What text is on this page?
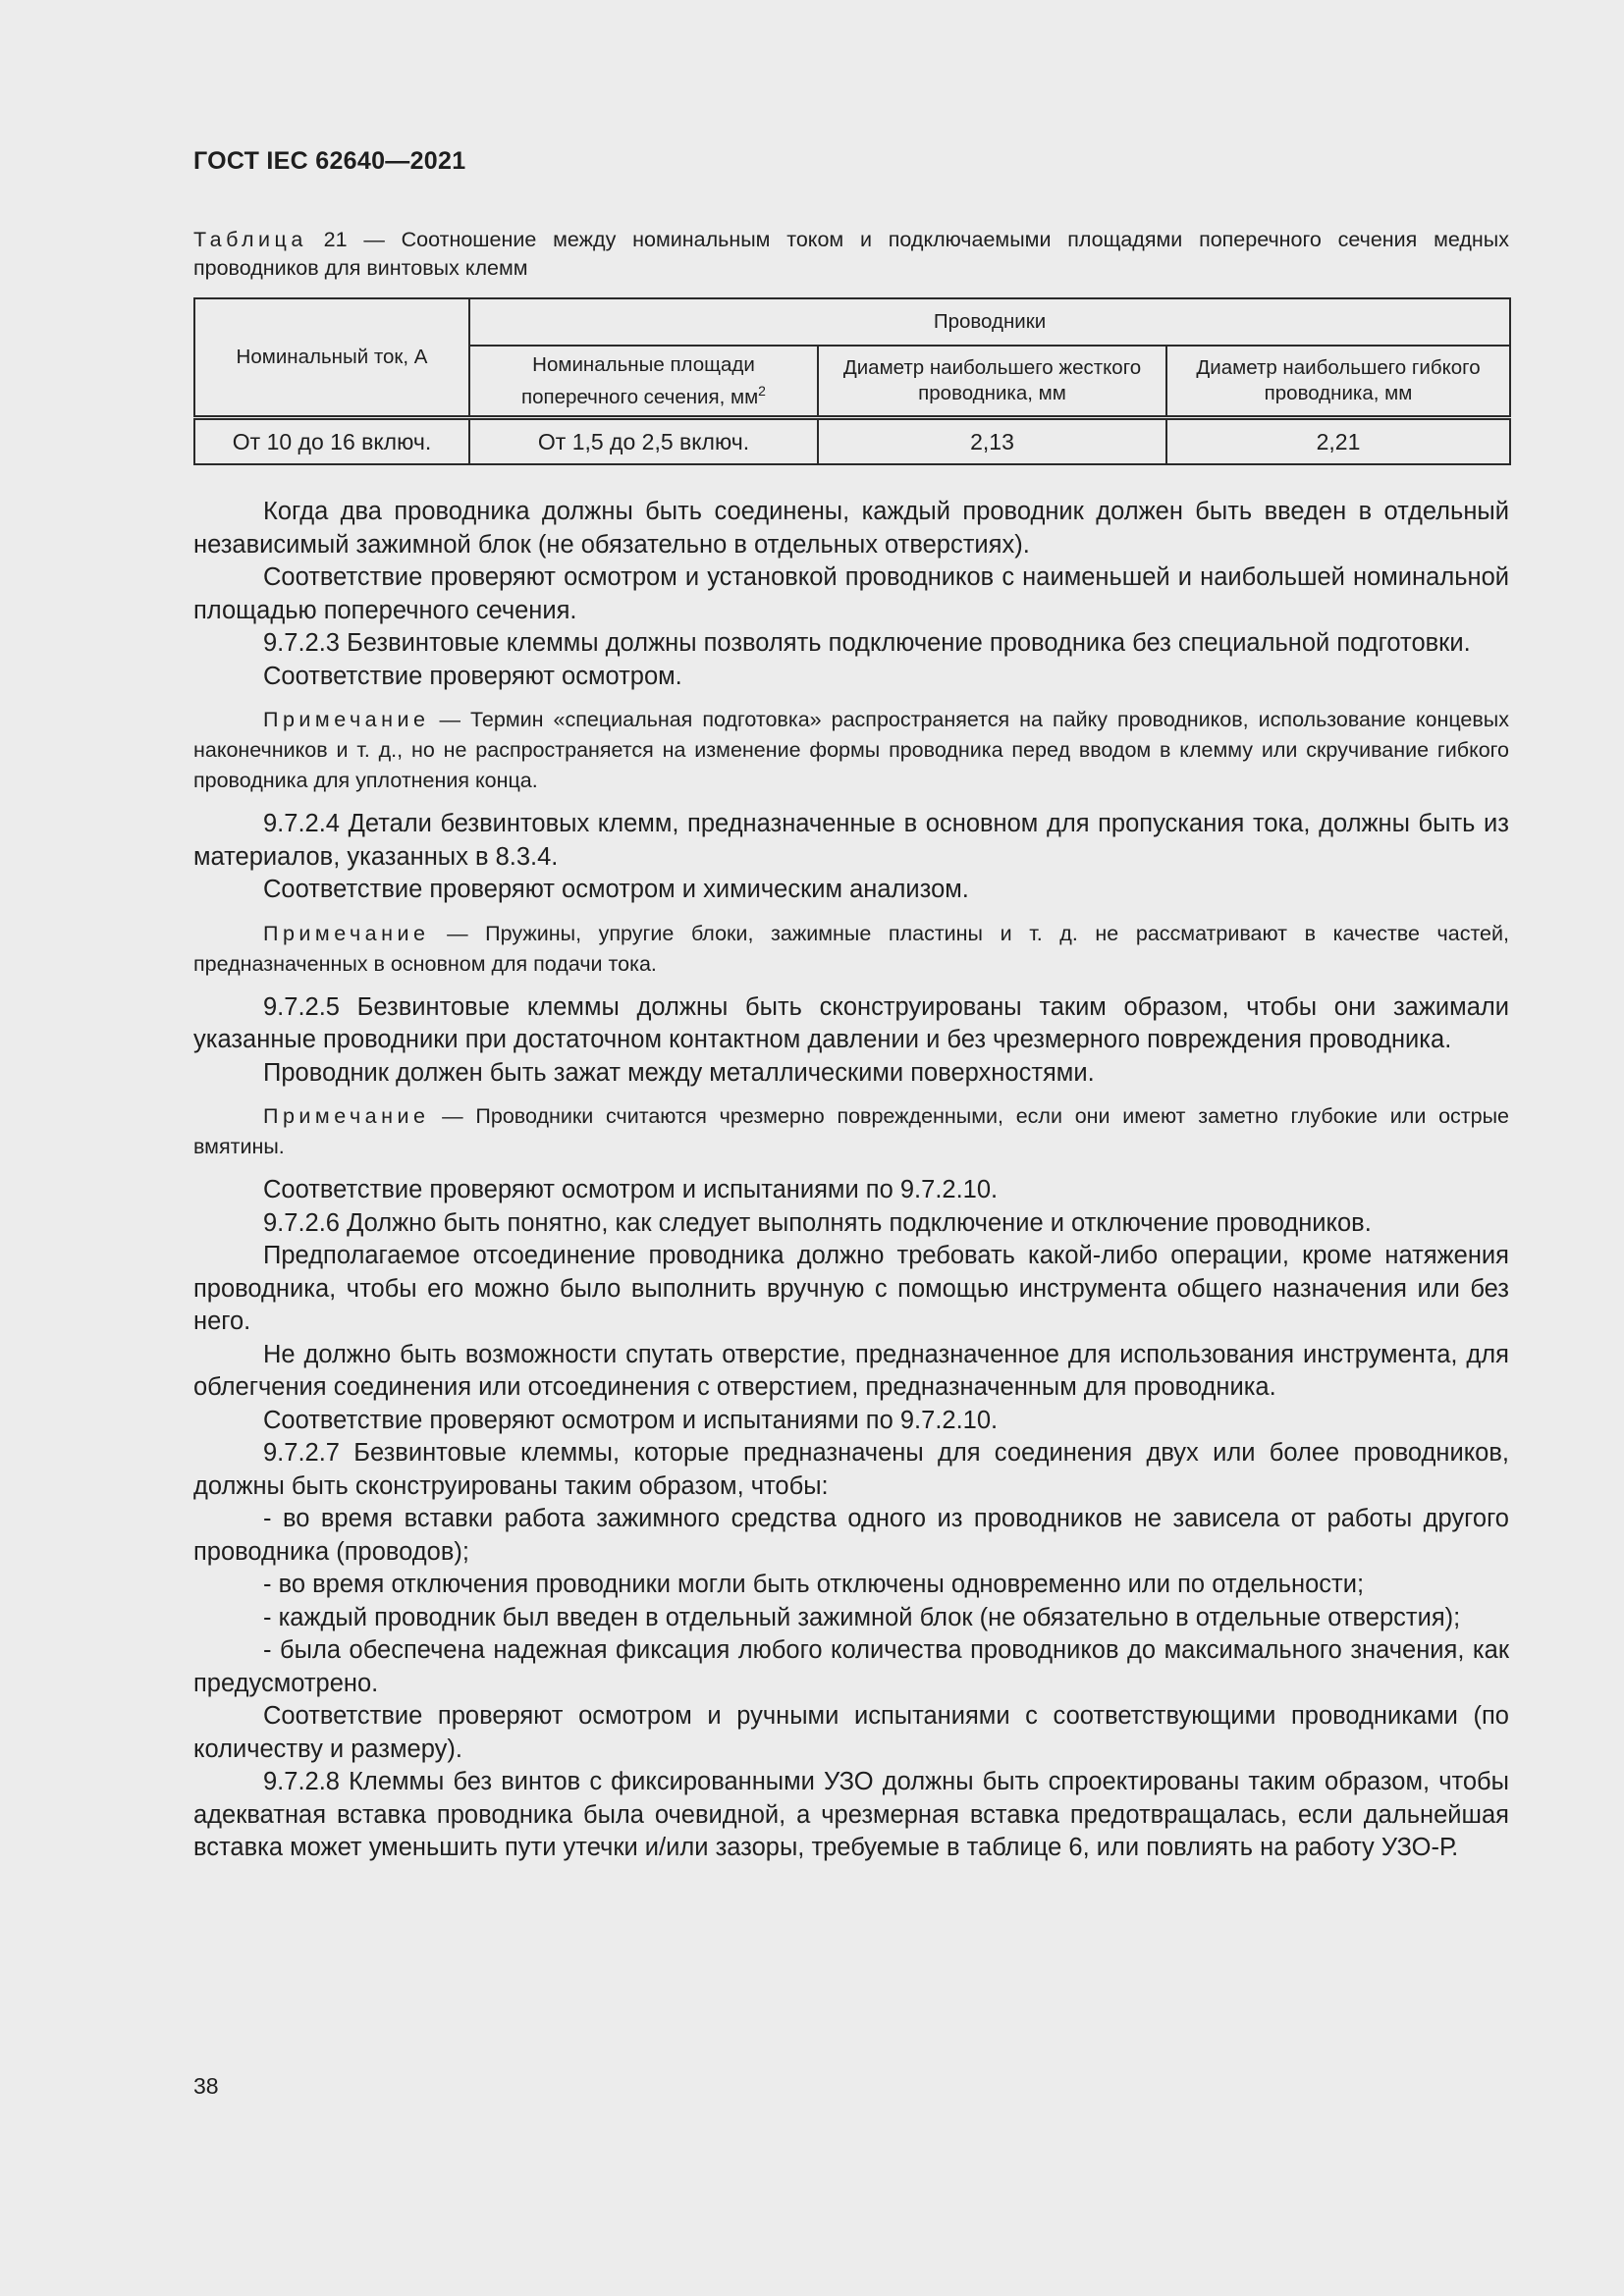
ГОСТ IEC 62640—2021
Таблица 21 — Соотношение между номинальным током и подключаемыми площадями поперечного сечения медных проводников для винтовых клемм
Номинальный ток, А	Проводники		
	Номинальные площади поперечного сечения, $мм^2$	Диаметр наибольшего жесткого проводника, мм	Диаметр наибольшего гибкого проводника, мм
От 10 до 16 включ.	От 1,5 до 2,5 включ.	2,13	2,21

Когда два проводника должны быть соединены, каждый проводник должен быть введен в отдельный независимый зажимной блок (не обязательно в отдельных отверстиях).

Соответствие проверяют осмотром и установкой проводников с наименьшей и наибольшей номинальной площадью поперечного сечения.

9.7.2.3 Безвинтовые клеммы должны позволять подключение проводника без специальной подготовки.

Соответствие проверяют осмотром.

Примечание — Термин «специальная подготовка» распространяется на пайку проводников, использование концевых наконечников и т. д., но не распространяется на изменение формы проводника перед вводом в клемму или скручивание гибкого проводника для уплотнения конца.

9.7.2.4 Детали безвинтовых клемм, предназначенные в основном для пропускания тока, должны быть из материалов, указанных в 8.3.4.

Соответствие проверяют осмотром и химическим анализом.

Примечание — Пружины, упругие блоки, зажимные пластины и т. д. не рассматривают в качестве частей, предназначенных в основном для подачи тока.

9.7.2.5 Безвинтовые клеммы должны быть сконструированы таким образом, чтобы они зажимали указанные проводники при достаточном контактном давлении и без чрезмерного повреждения проводника.

Проводник должен быть зажат между металлическими поверхностями.

Примечание — Проводники считаются чрезмерно поврежденными, если они имеют заметно глубокие или острые вмятины.

Соответствие проверяют осмотром и испытаниями по 9.7.2.10.

9.7.2.6 Должно быть понятно, как следует выполнять подключение и отключение проводников.

Предполагаемое отсоединение проводника должно требовать какой-либо операции, кроме натяжения проводника, чтобы его можно было выполнить вручную с помощью инструмента общего назначения или без него.

Не должно быть возможности спутать отверстие, предназначенное для использования инструмента, для облегчения соединения или отсоединения с отверстием, предназначенным для проводника.

Соответствие проверяют осмотром и испытаниями по 9.7.2.10.

9.7.2.7 Безвинтовые клеммы, которые предназначены для соединения двух или более проводников, должны быть сконструированы таким образом, чтобы:

- во время вставки работа зажимного средства одного из проводников не зависела от работы другого проводника (проводов);

- во время отключения проводники могли быть отключены одновременно или по отдельности;

- каждый проводник был введен в отдельный зажимной блок (не обязательно в отдельные отверстия);

- была обеспечена надежная фиксация любого количества проводников до максимального значения, как предусмотрено.

Соответствие проверяют осмотром и ручными испытаниями с соответствующими проводниками (по количеству и размеру).

9.7.2.8 Клеммы без винтов с фиксированными УЗО должны быть спроектированы таким образом, чтобы адекватная вставка проводника была очевидной, а чрезмерная вставка предотвращалась, если дальнейшая вставка может уменьшить пути утечки и/или зазоры, требуемые в таблице 6, или повлиять на работу УЗО-Р.

38
